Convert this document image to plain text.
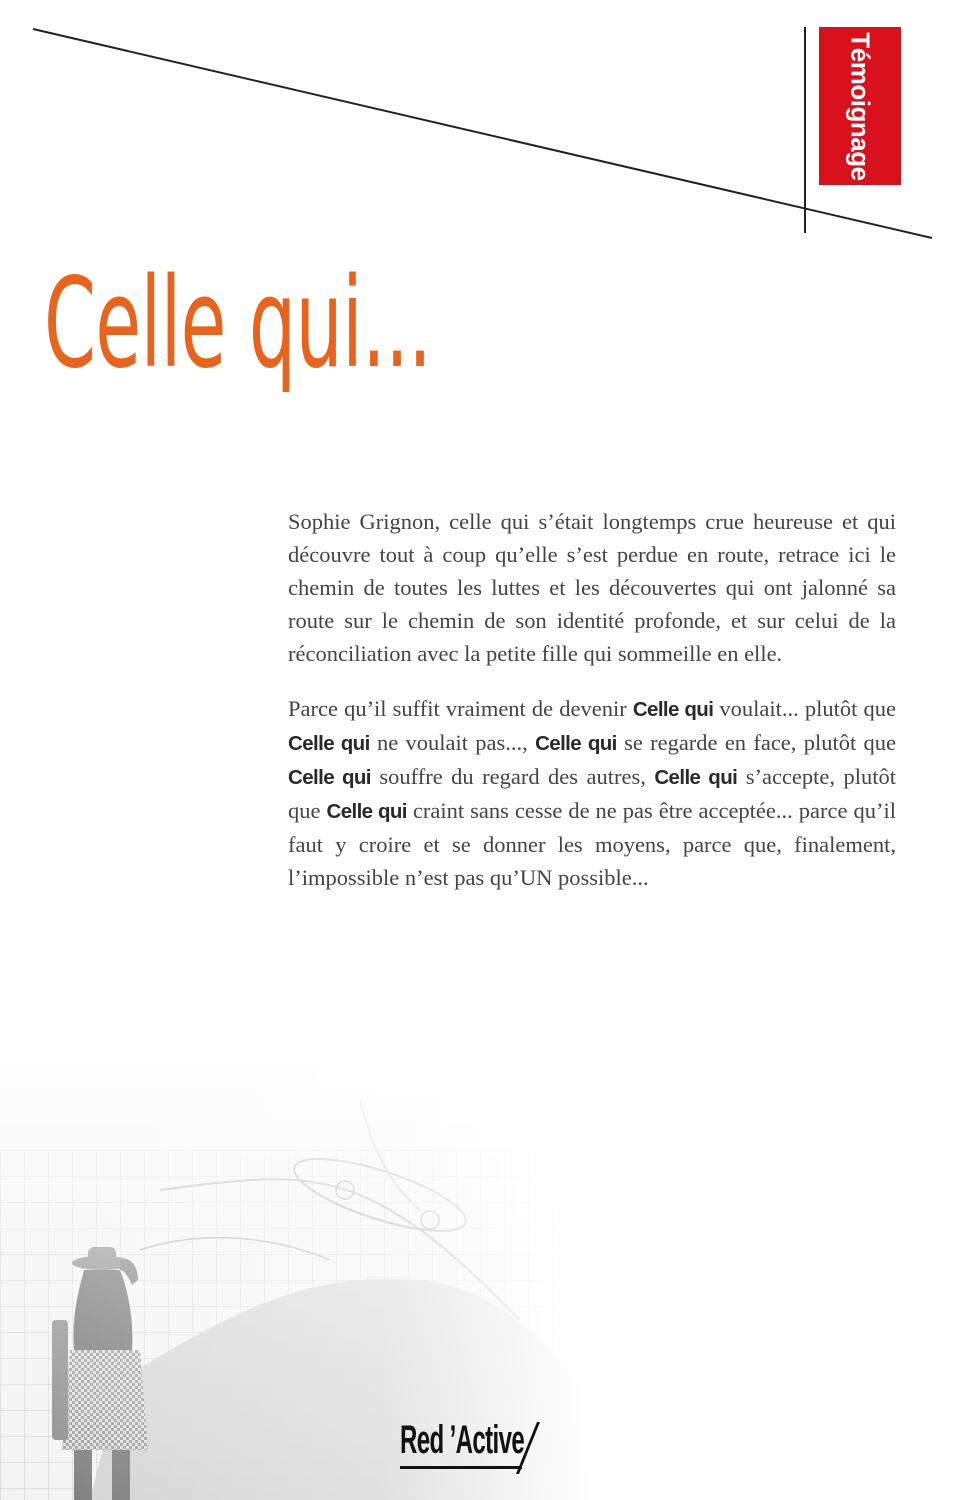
Témoignage
Celle qui...

Sophie Grignon, celle qui s’était longtemps crue heureuse et qui découvre tout à coup qu’elle s’est perdue en route, retrace ici le chemin de toutes les luttes et les découvertes qui ont jalonné sa route sur le chemin de son identité profonde, et sur celui de la réconciliation avec la petite fille qui sommeille en elle.

Parce qu’il suffit vraiment de devenir Celle qui voulait... plutôt que Celle qui ne voulait pas..., Celle qui se regarde en face, plutôt que Celle qui souffre du regard des autres, Celle qui s’accepte, plutôt que Celle qui craint sans cesse de ne pas être acceptée... parce qu’il faut y croire et se donner les moyens, parce que, finalement, l’impossible n’est pas qu’UN possible...

Red ’Active
